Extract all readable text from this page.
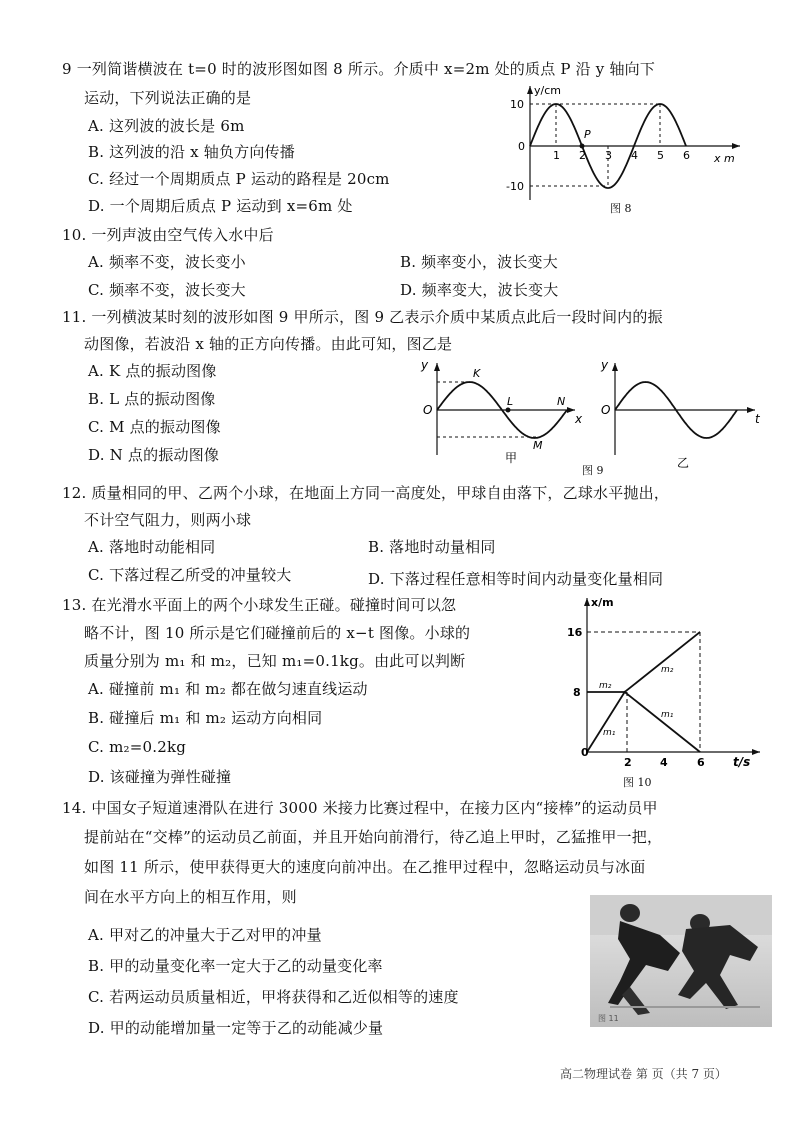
9 一列简谐横波在 t=0 时的波形图如图 8 所示。介质中 x=2m 处的质点 P 沿 y 轴向下
运动，下列说法正确的是
A. 这列波的波长是 6m
B. 这列波的沿 x 轴负方向传播
C. 经过一个周期质点 P 运动的路程是 20cm
D. 一个周期后质点 P 运动到 x=6m 处
P
y/cm
x m
10
0
-10
1 2 3 4 5 6
图 8
10. 一列声波由空气传入水中后
A. 频率不变，波长变小	B. 频率变小，波长变大
C. 频率不变，波长变大	D. 频率变大，波长变大
11. 一列横波某时刻的波形如图 9 甲所示，图 9 乙表示介质中某质点此后一段时间内的振
动图像，若波沿 x 轴的正方向传播。由此可知，图乙是
A. K 点的振动图像
B. L 点的振动图像
C. M 点的振动图像
D. N 点的振动图像
y
x
O
K
L
M
N
甲
y
t
O
乙
图 9
12. 质量相同的甲、乙两个小球，在地面上方同一高度处，甲球自由落下，乙球水平抛出，
不计空气阻力，则两小球
A. 落地时动能相同	B. 落地时动量相同
C. 下落过程乙所受的冲量较大	D. 下落过程任意相等时间内动量变化量相同
13. 在光滑水平面上的两个小球发生正碰。碰撞时间可以忽
略不计，图 10 所示是它们碰撞前后的 x−t 图像。小球的
质量分别为 m₁ 和 m₂，已知 m₁=0.1kg。由此可以判断
A. 碰撞前 m₁ 和 m₂ 都在做匀速直线运动
B. 碰撞后 m₁ 和 m₂ 运动方向相同
C. m₂=0.2kg
D. 该碰撞为弹性碰撞
x/m
t/s
16
8
0
2	4	6
m₁
m₂
m₁
m₂
图 10
14. 中国女子短道速滑队在进行 3000 米接力比赛过程中，在接力区内“接棒”的运动员甲
提前站在“交棒”的运动员乙前面，并且开始向前滑行，待乙追上甲时，乙猛推甲一把，
如图 11 所示，使甲获得更大的速度向前冲出。在乙推甲过程中，忽略运动员与冰面
间在水平方向上的相互作用，则
A. 甲对乙的冲量大于乙对甲的冲量
B. 甲的动量变化率一定大于乙的动量变化率
C. 若两运动员质量相近，甲将获得和乙近似相等的速度
D. 甲的动能增加量一定等于乙的动能减少量
图 11
高二物理试卷 第 页（共 7 页）
